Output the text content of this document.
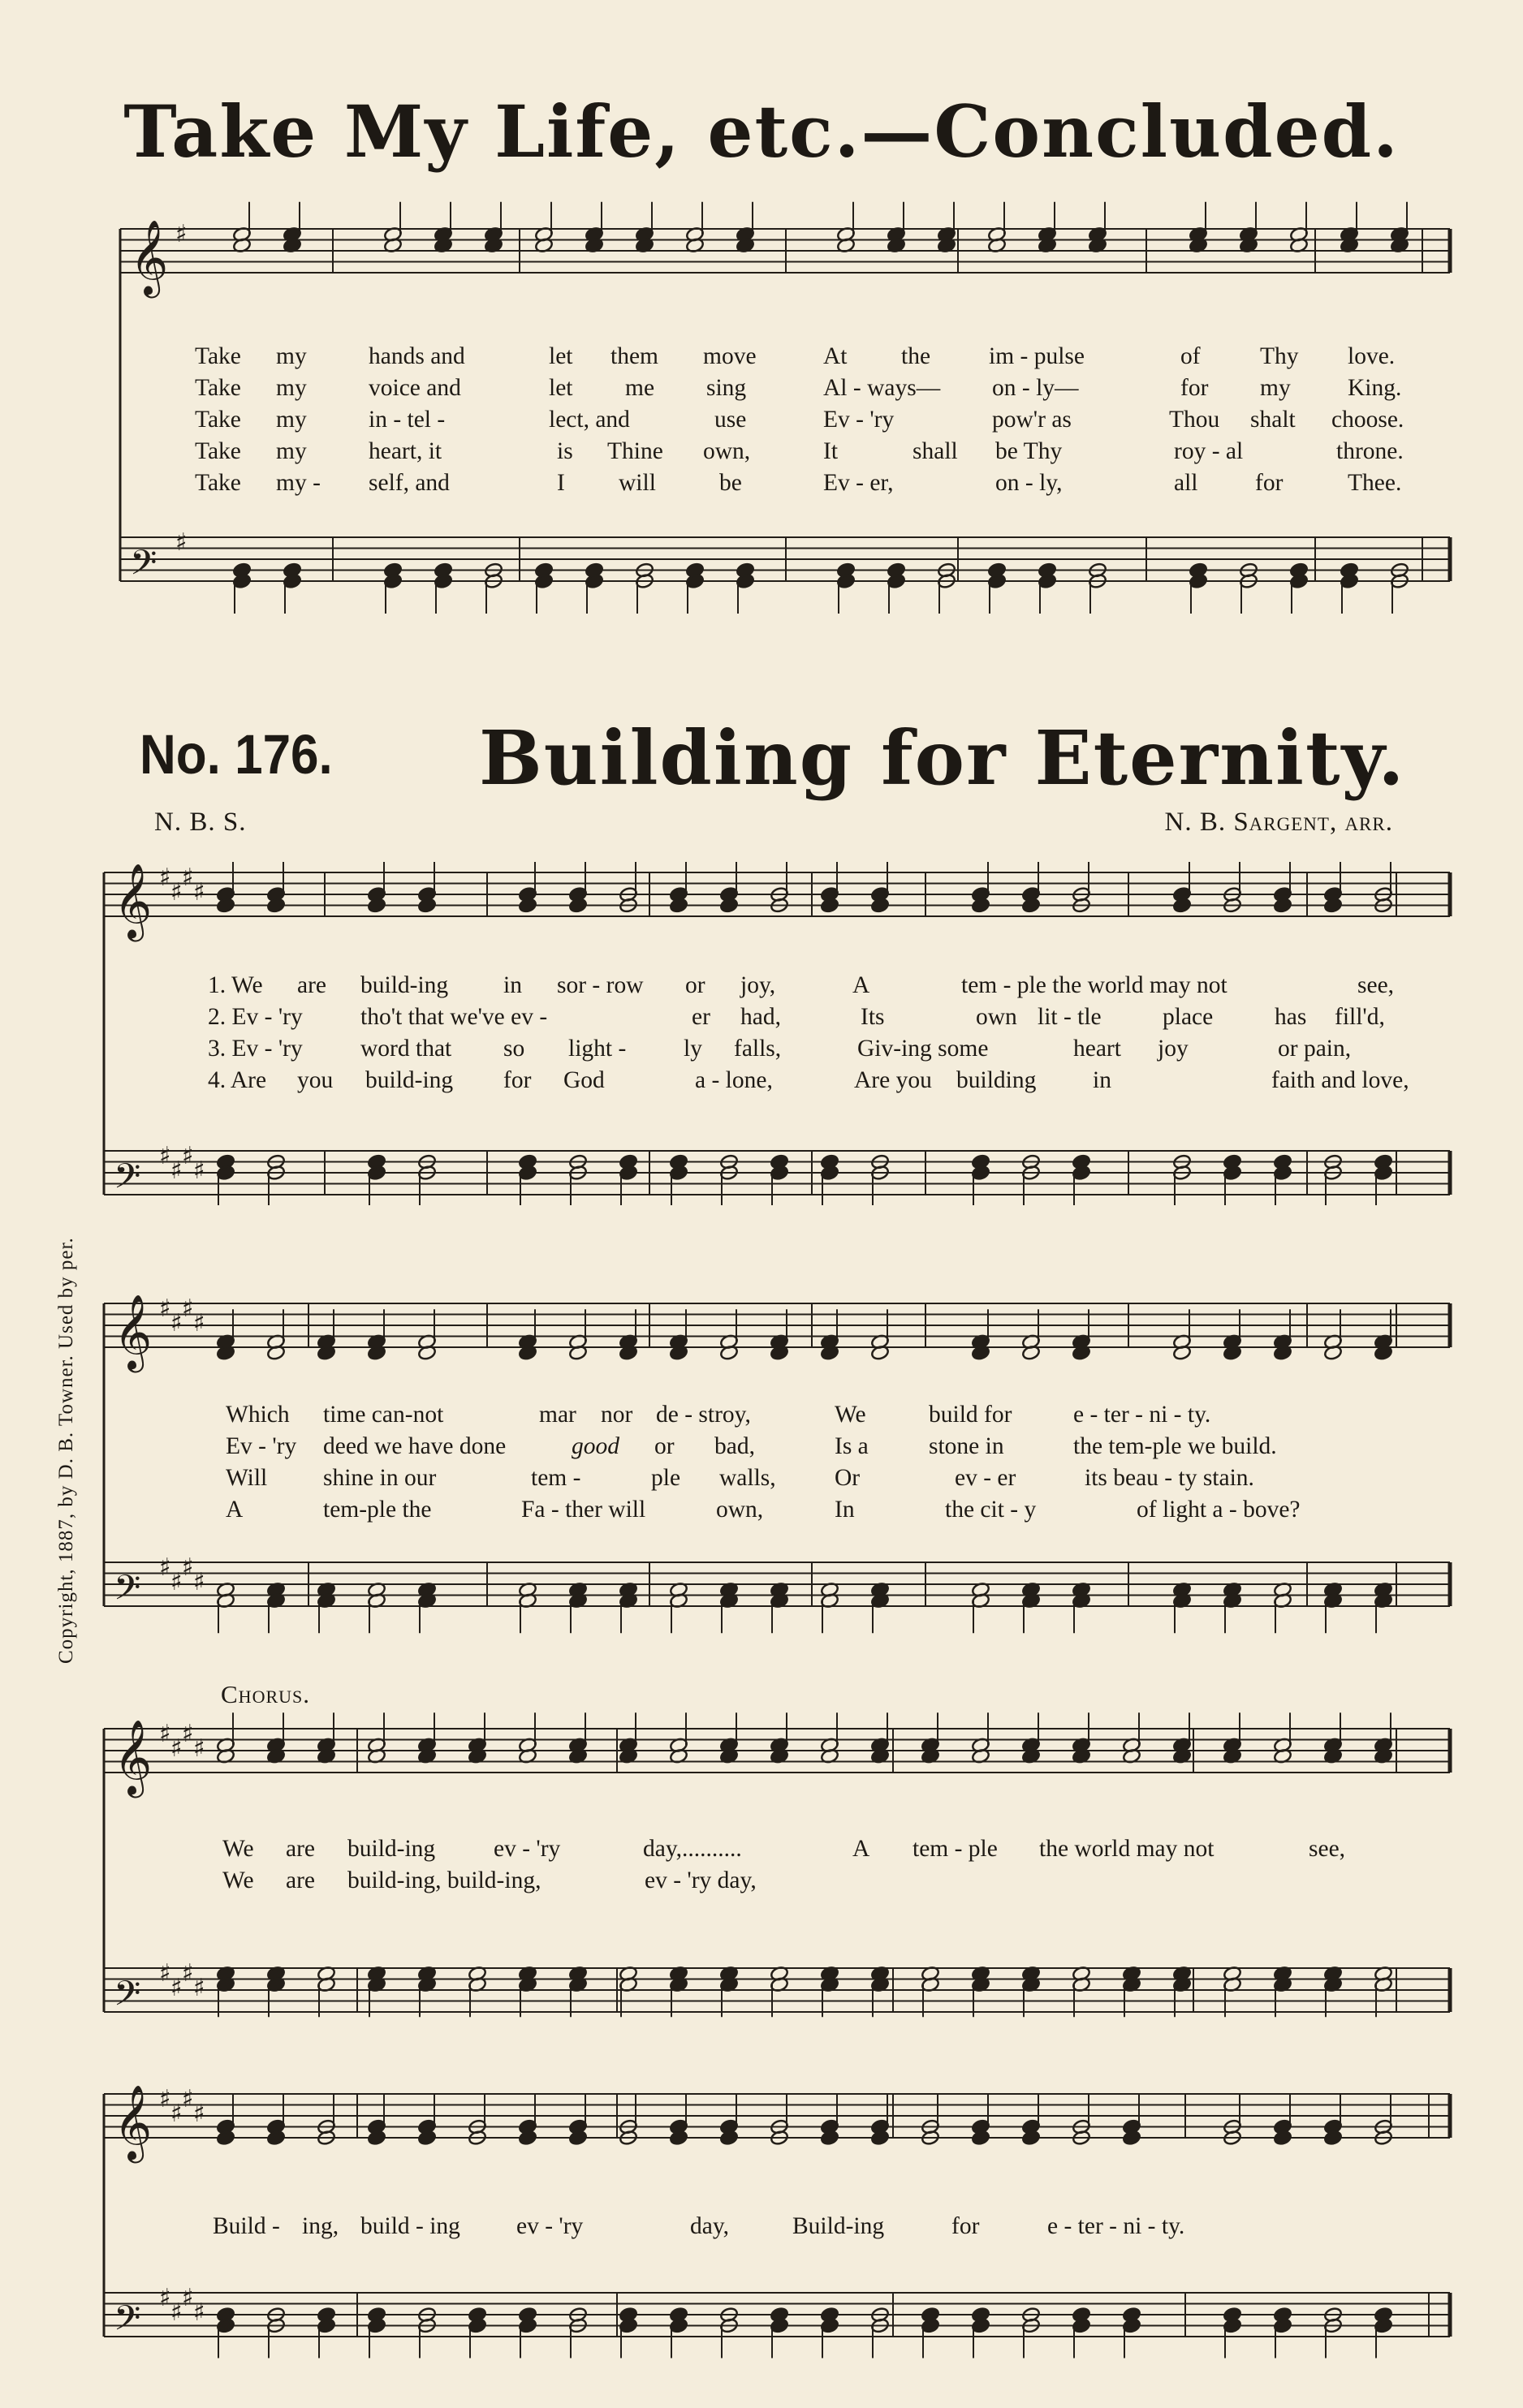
𝄞 ♯
𝄢
♯
𝄞 ♯
♯
♯
♯
𝄢
♯
♯
♯
♯
𝄞 ♯
♯
♯
♯
𝄢
♯
♯
♯
♯
𝄞 ♯
♯
♯
♯
𝄢
♯
♯
♯
♯
𝄞 ♯
♯
♯
♯
𝄢
♯
♯
♯
♯
Take My Life, etc.—Concluded.
No. 176. Building for Eternity.
N. B. S.	N. B. Sargent, arr.
Copyright, 1887, by D. B. Towner. Used by per.
Chorus.
Take my	hands and	let them move	At the im - pulse	of Thy love.
Take my	voice and	let me sing	Al - ways— on - ly—	for my King.
Take my	in - tel -	lect, and	use	Ev - 'ry	pow'r as	Thou shalt choose.
Take my	heart, it	is Thine own,	It	shall be Thy	roy - al	throne.
Take my - self, and	I will	be	Ev - er,	on - ly,	all for	Thee.
1. We are build-ing in sor - row or joy,	A	tem - ple the world may not	see,
2. Ev - 'ry tho't that we've ev -	er had,	Its	own lit - tle	place	has fill'd,
3. Ev - 'ry word that so light - ly falls,	Giv-ing some	heart joy	or pain,
4. Are you build-ing for God	a - lone,	Are you building in	faith and love,
Which time can-not	mar nor de - stroy,	We	build for	e - ter - ni - ty.
Ev - 'ry deed we have done	good or bad,	Is a	stone in	the tem-ple we build.
Will shine in our	tem -	ple walls, Or	ev - er	its beau - ty stain.
A	tem-ple the	Fa - ther will	own,	In	the cit - y	of light a - bove?
We are build-ing ev - 'ry	day,..........	A tem - ple the world may not	see,
We are build-ing, build-ing,	ev - 'ry day,
Build - ing, build - ing ev - 'ry	day,	Build-ing	for	e - ter - ni - ty.
